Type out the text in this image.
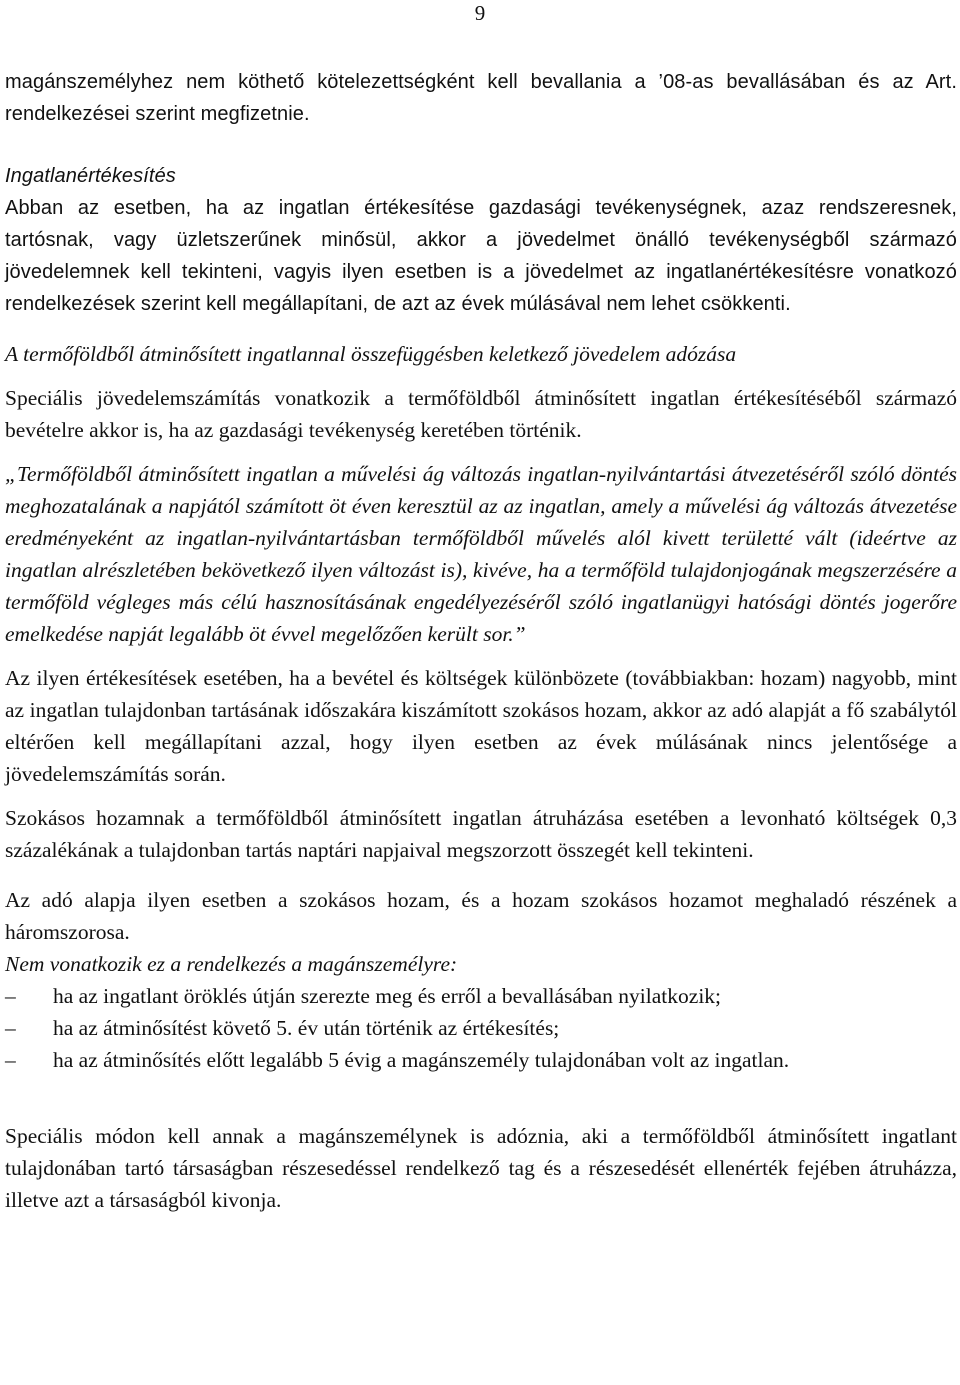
9

magánszemélyhez nem köthető kötelezettségként kell bevallania a ’08-as bevallásában és az Art. rendelkezései szerint megfizetnie.

Ingatlanértékesítés

Abban az esetben, ha az ingatlan értékesítése gazdasági tevékenységnek, azaz rendszeresnek, tartósnak, vagy üzletszerűnek minősül, akkor a jövedelmet önálló tevékenységből származó jövedelemnek kell tekinteni, vagyis ilyen esetben is a jövedelmet az ingatlanértékesítésre vonatkozó rendelkezések szerint kell megállapítani, de azt az évek múlásával nem lehet csökkenti.

A termőföldből átminősített ingatlannal összefüggésben keletkező jövedelem adózása

Speciális jövedelemszámítás vonatkozik a termőföldből átminősített ingatlan értékesítéséből származó bevételre akkor is, ha az gazdasági tevékenység keretében történik.

„Termőföldből átminősített ingatlan a művelési ág változás ingatlan-nyilvántartási átvezetéséről szóló döntés meghozatalának a napjától számított öt éven keresztül az az ingatlan, amely a művelési ág változás átvezetése eredményeként az ingatlan-nyilvántartásban termőföldből művelés alól kivett területté vált (ideértve az ingatlan alrészletében bekövetkező ilyen változást is), kivéve, ha a termőföld tulajdonjogának megszerzésére a termőföld végleges más célú hasznosításának engedélyezéséről szóló ingatlanügyi hatósági döntés jogerőre emelkedése napját legalább öt évvel megelőzően került sor.”

Az ilyen értékesítések esetében, ha a bevétel és költségek különbözete (továbbiakban: hozam) nagyobb, mint az ingatlan tulajdonban tartásának időszakára kiszámított szokásos hozam, akkor az adó alapját a fő szabálytól eltérően kell megállapítani azzal, hogy ilyen esetben az évek múlásának nincs jelentősége a jövedelemszámítás során.

Szokásos hozamnak a termőföldből átminősített ingatlan átruházása esetében a levonható költségek 0,3 százalékának a tulajdonban tartás naptári napjaival megszorzott összegét kell tekinteni.

Az adó alapja ilyen esetben a szokásos hozam, és a hozam szokásos hozamot meghaladó részének a háromszorosa.

Nem vonatkozik ez a rendelkezés a magánszemélyre:

–	ha az ingatlant öröklés útján szerezte meg és erről a bevallásában nyilatkozik;
–	ha az átminősítést követő 5. év után történik az értékesítés;
–	ha az átminősítés előtt legalább 5 évig a magánszemély tulajdonában volt az ingatlan.

Speciális módon kell annak a magánszemélynek is adóznia, aki a termőföldből átminősített ingatlant tulajdonában tartó társaságban részesedéssel rendelkező tag és a részesedését ellenérték fejében átruházza, illetve azt a társaságból kivonja.
